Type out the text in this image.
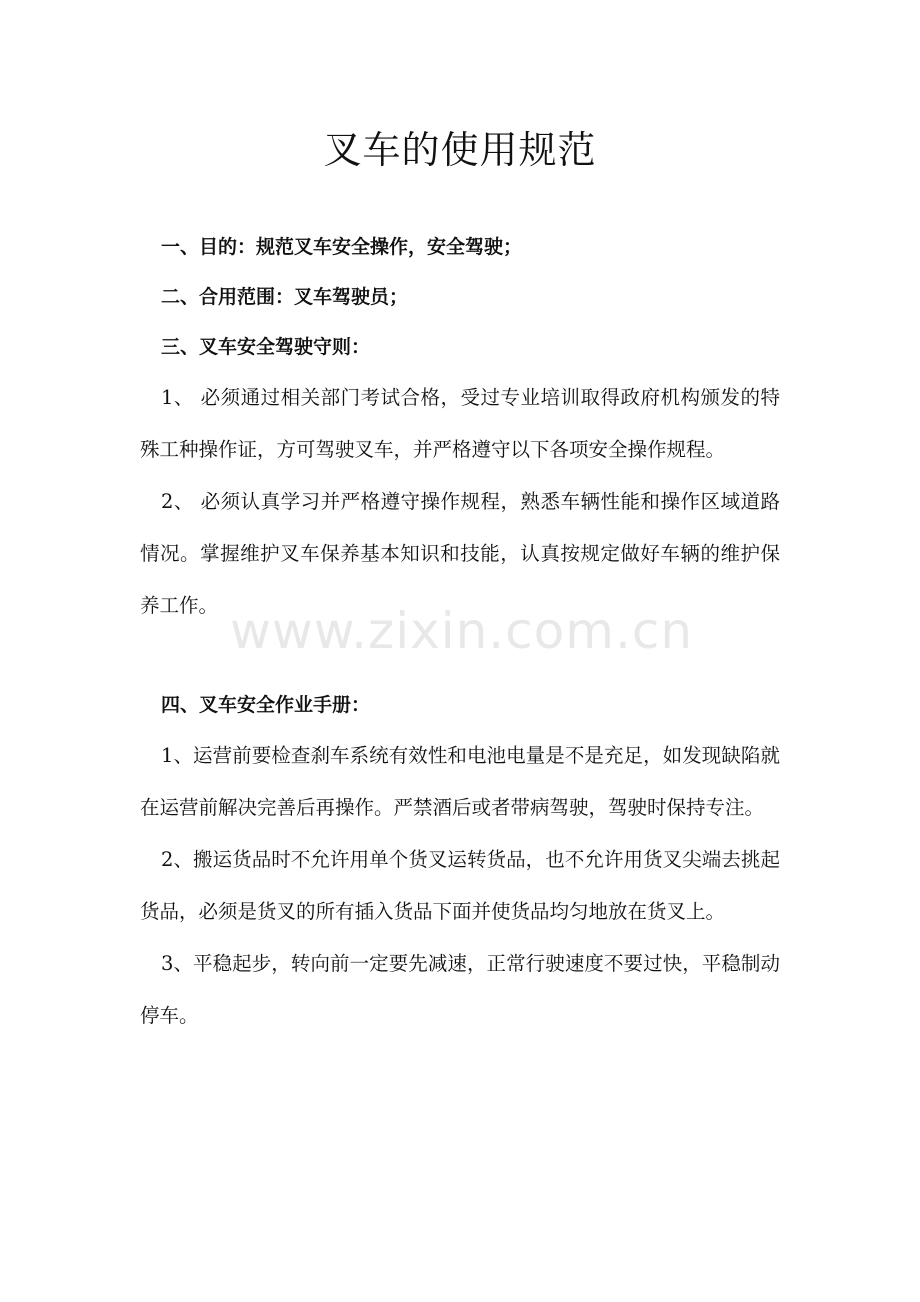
叉车的使用规范

一、目的：规范叉车安全操作，安全驾驶；

二、合用范围：叉车驾驶员；

三、叉车安全驾驶守则：

1、 必须通过相关部门考试合格，受过专业培训取得政府机构颁发的特殊工种操作证，方可驾驶叉车，并严格遵守以下各项安全操作规程。

2、 必须认真学习并严格遵守操作规程，熟悉车辆性能和操作区域道路情况。掌握维护叉车保养基本知识和技能，认真按规定做好车辆的维护保养工作。

四、叉车安全作业手册：

1、运营前要检查刹车系统有效性和电池电量是不是充足，如发现缺陷就在运营前解决完善后再操作。严禁酒后或者带病驾驶，驾驶时保持专注。

2、搬运货品时不允许用单个货叉运转货品，也不允许用货叉尖端去挑起货品，必须是货叉的所有插入货品下面并使货品均匀地放在货叉上。

3、平稳起步，转向前一定要先减速，正常行驶速度不要过快，平稳制动停车。

www.zixin.com.cn
